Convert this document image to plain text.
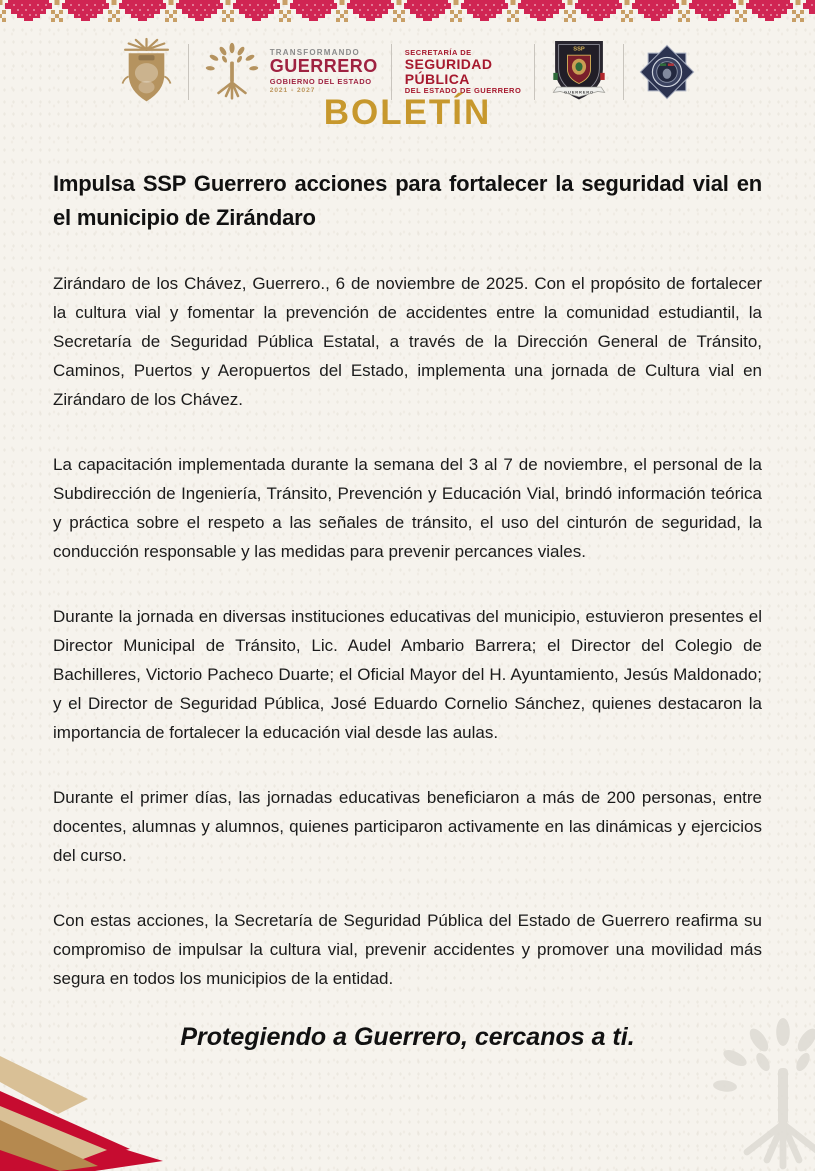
TRANSFORMANDO
GUERRERO
GOBIERNO DEL ESTADO
2021 - 2027
SECRETARÍA DE
SEGURIDAD
PÚBLICA
DEL ESTADO DE GUERRERO
SSP
GUERRERO
BOLETÍN
Impulsa SSP Guerrero acciones para fortalecer la seguridad vial en el municipio de Zirándaro

Zirándaro de los Chávez, Guerrero., 6 de noviembre de 2025. Con el propósito de fortalecer la cultura vial y fomentar la prevención de accidentes entre la comunidad estudiantil, la Secretaría de Seguridad Pública Estatal, a través de la Dirección General de Tránsito, Caminos, Puertos y Aeropuertos del Estado, implementa una jornada de Cultura vial en Zirándaro de los Chávez.

La capacitación implementada durante la semana del 3 al 7 de noviembre, el personal de la Subdirección de Ingeniería, Tránsito, Prevención y Educación Vial, brindó información teórica y práctica sobre el respeto a las señales de tránsito, el uso del cinturón de seguridad, la conducción responsable y las medidas para prevenir percances viales.

Durante la jornada en diversas instituciones educativas del municipio, estuvieron presentes el Director Municipal de Tránsito, Lic. Audel Ambario Barrera; el Director del Colegio de Bachilleres, Victorio Pacheco Duarte; el Oficial Mayor del H. Ayuntamiento, Jesús Maldonado; y el Director de Seguridad Pública, José Eduardo Cornelio Sánchez, quienes destacaron la importancia de fortalecer la educación vial desde las aulas.

Durante el primer días, las jornadas educativas beneficiaron a más de 200 personas, entre docentes, alumnas y alumnos, quienes participaron activamente en las dinámicas y ejercicios del curso.

Con estas acciones, la Secretaría de Seguridad Pública del Estado de Guerrero reafirma su compromiso de impulsar la cultura vial, prevenir accidentes y promover una movilidad más segura en todos los municipios de la entidad.

Protegiendo a Guerrero, cercanos a ti.
